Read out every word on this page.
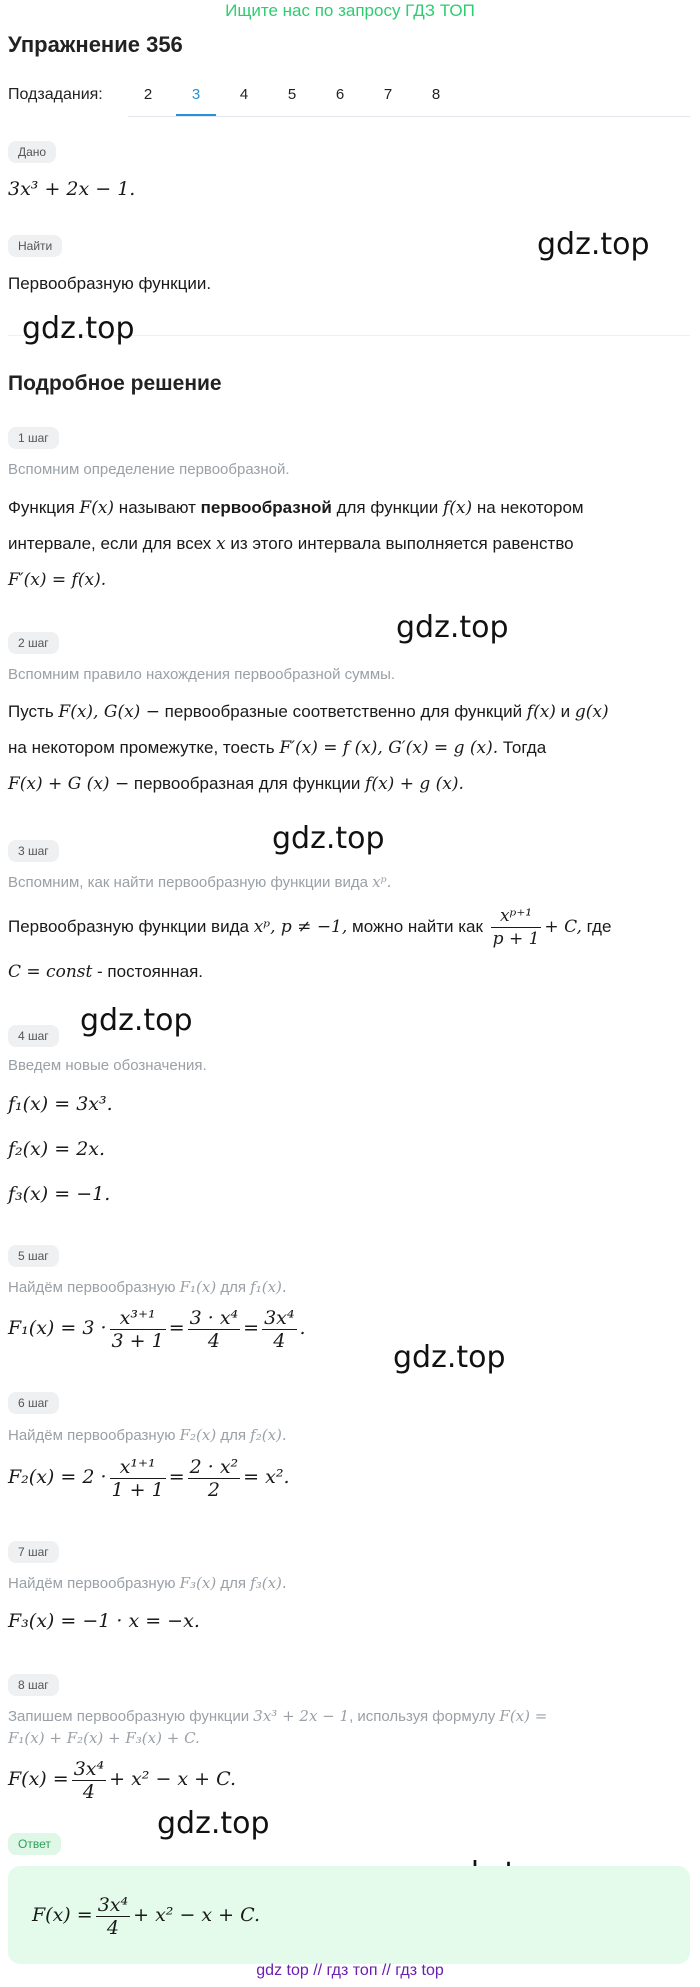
Ищите нас по запросу ГДЗ ТОП
Упражнение 356
Подзадания:	2	3	4	5	6	7	8
Дано
3x³ + 2x − 1.
Найти
Первообразную функции.
gdz.top
gdz.top
gdz.top
gdz.top
gdz.top
gdz.top
gdz.top
Подробное решение
1 шаг
Вспомним определение первообразной.
Функция F(x) называют первообразной для функции f(x) на некотором
интервале, если для всех x из этого интервала выполняется равенство
F′(x) = f(x).
2 шаг
Вспомним правило нахождения первообразной суммы.
Пусть F(x), G(x) − первообразные соответственно для функций f(x) и g(x)
на некотором промежутке, тоесть F′(x) = f (x), G′(x) = g (x). Тогда
F(x) + G (x) − первообразная для функции f(x) + g (x).
3 шаг
Вспомним, как найти первообразную функции вида xᵖ.
Первообразную функции вида xᵖ, p ≠ −1, можно найти как $\frac{\text{xᵖ⁺¹}}{p + 1} + C$, где
C = const - постоянная.
4 шаг
Введем новые обозначения.
f₁(x) = 3x³.
f₂(x) = 2x.
f₃(x) = −1.
5 шаг
Найдём первообразную F₁(x) для f₁(x).
$F_1(x) = 3 \cdot \frac{\text{x³⁺¹}}{3 + 1} = \frac{\text{3 · x⁴}}{4} = \frac{\text{3x⁴}}{4}$ .
6 шаг
Найдём первообразную F₂(x) для f₂(x).
$F_2(x) = 2 \cdot \frac{\text{x¹⁺¹}}{1 + 1} = \frac{\text{2 · x²}}{2} = x^2$.
7 шаг
Найдём первообразную F₃(x) для f₃(x).
F₃(x) = −1 · x = −x.
8 шаг
Запишем первообразную функции 3x³ + 2x − 1, используя формулу F(x) =
F₁(x) + F₂(x) + F₃(x) + C.
$F(x) = \frac{\text{3x⁴}}{4} + x^2 - x + C$.
Ответ
$F(x) = \frac{\text{3x⁴}}{4} + x^2 - x + C$.
gdz top // гдз топ // гдз top
